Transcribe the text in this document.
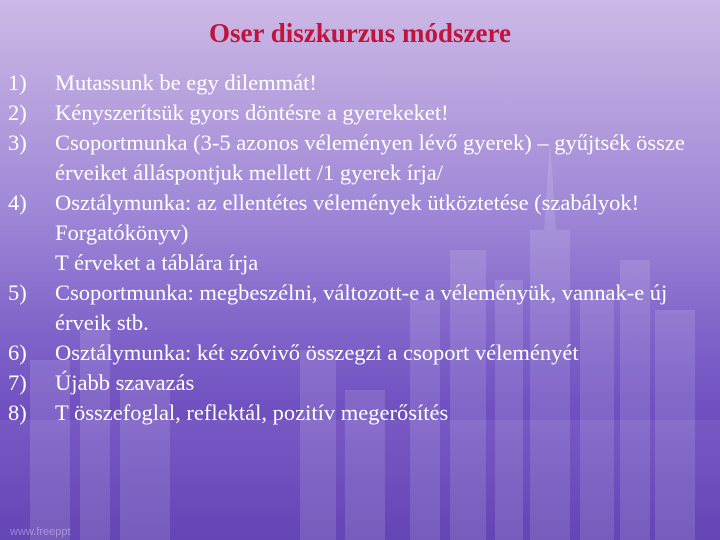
Oser diszkurzus módszere
1) Mutassunk be egy dilemmát!
2) Kényszerítsük gyors döntésre a gyerekeket!
3) Csoportmunka (3-5 azonos véleményen lévő gyerek) – gyűjtsék össze érveiket álláspontjuk mellett /1 gyerek írja/
4) Osztálymunka: az ellentétes vélemények ütköztetése (szabályok! Forgatókönyv)
T érveket a táblára írja
5) Csoportmunka: megbeszélni, változott-e a véleményük, vannak-e új érveik stb.
6) Osztálymunka: két szóvivő összegzi a csoport véleményét
7) Újabb szavazás
8) T összefoglal, reflektál, pozitív megerősítés
www.freeppt
